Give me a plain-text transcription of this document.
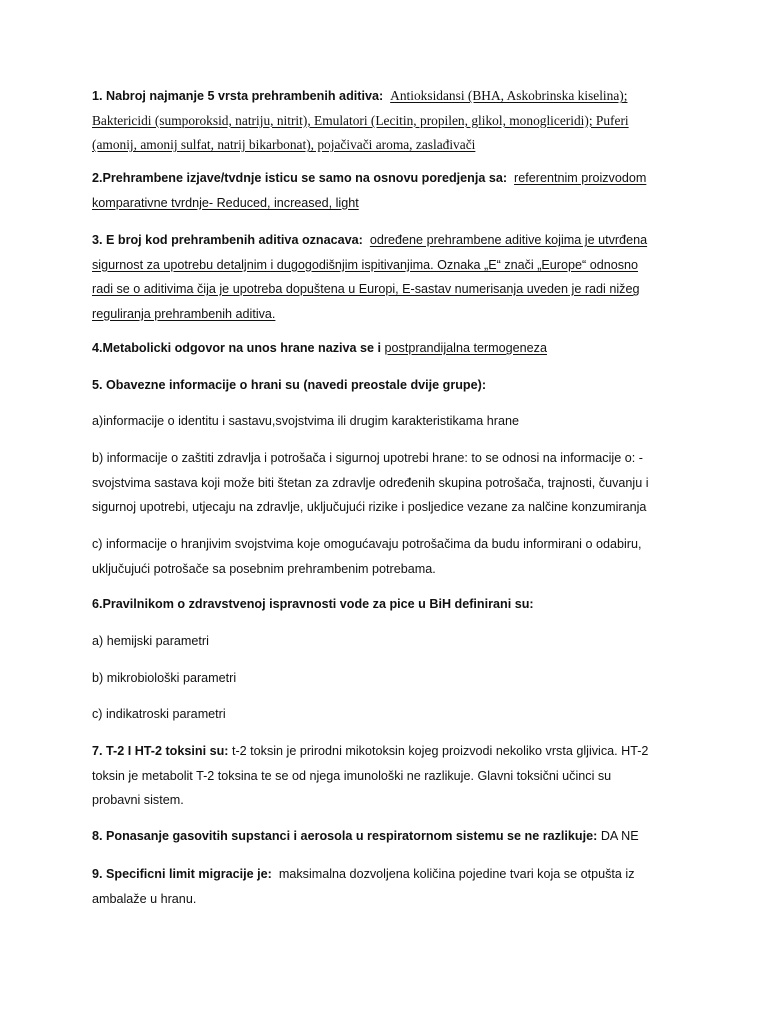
1. Nabroj najmanje 5 vrsta prehrambenih aditiva: Antioksidansi (BHA, Askobrinska kiselina);
Baktericidi (sumporoksid, natriju, nitrit), Emulatori (Lecitin, propilen, glikol, monogliceridi); Puferi
(amonij, amonij sulfat, natrij bikarbonat), pojačivači aroma, zaslađivači
2.Prehrambene izjave/tvdnje isticu se samo na osnovu poredjenja sa: referentnim proizvodom
komparativne tvrdnje- Reduced, increased, light
3. E broj kod prehrambenih aditiva oznacava: određene prehrambene aditive kojima je utvrđena
sigurnost za upotrebu detaljnim i dugogodišnjim ispitivanjima. Oznaka „E“ znači „Europe“ odnosno
radi se o aditivima čija je upotreba dopuštena u Europi, E-sastav numerisanja uveden je radi nižeg
reguliranja prehrambenih aditiva.
4.Metabolicki odgovor na unos hrane naziva se i postprandijalna termogeneza
5. Obavezne informacije o hrani su (navedi preostale dvije grupe):
a)informacije o identitu i sastavu,svojstvima ili drugim karakteristikama hrane
b) informacije o zaštiti zdravlja i potrošača i sigurnoj upotrebi hrane: to se odnosi na informacije o: -
svojstvima sastava koji može biti štetan za zdravlje određenih skupina potrošača, trajnosti, čuvanju i
sigurnoj upotrebi, utjecaju na zdravlje, uključujući rizike i posljedice vezane za nalčine konzumiranja
c) informacije o hranjivim svojstvima koje omogućavaju potrošačima da budu informirani o odabiru,
uključujući potrošače sa posebnim prehrambenim potrebama.
6.Pravilnikom o zdravstvenoj ispravnosti vode za pice u BiH definirani su:
a) hemijski parametri
b) mikrobiološki parametri
c) indikatroski parametri
7. T-2 I HT-2 toksini su: t-2 toksin je prirodni mikotoksin kojeg proizvodi nekoliko vrsta gljivica. HT-2
toksin je metabolit T-2 toksina te se od njega imunološki ne razlikuje. Glavni toksični učinci su
probavni sistem.
8. Ponasanje gasovitih supstanci i aerosola u respiratornom sistemu se ne razlikuje: DA NE
9. Specificni limit migracije je: maksimalna dozvoljena količina pojedine tvari koja se otpušta iz
ambalaže u hranu.
